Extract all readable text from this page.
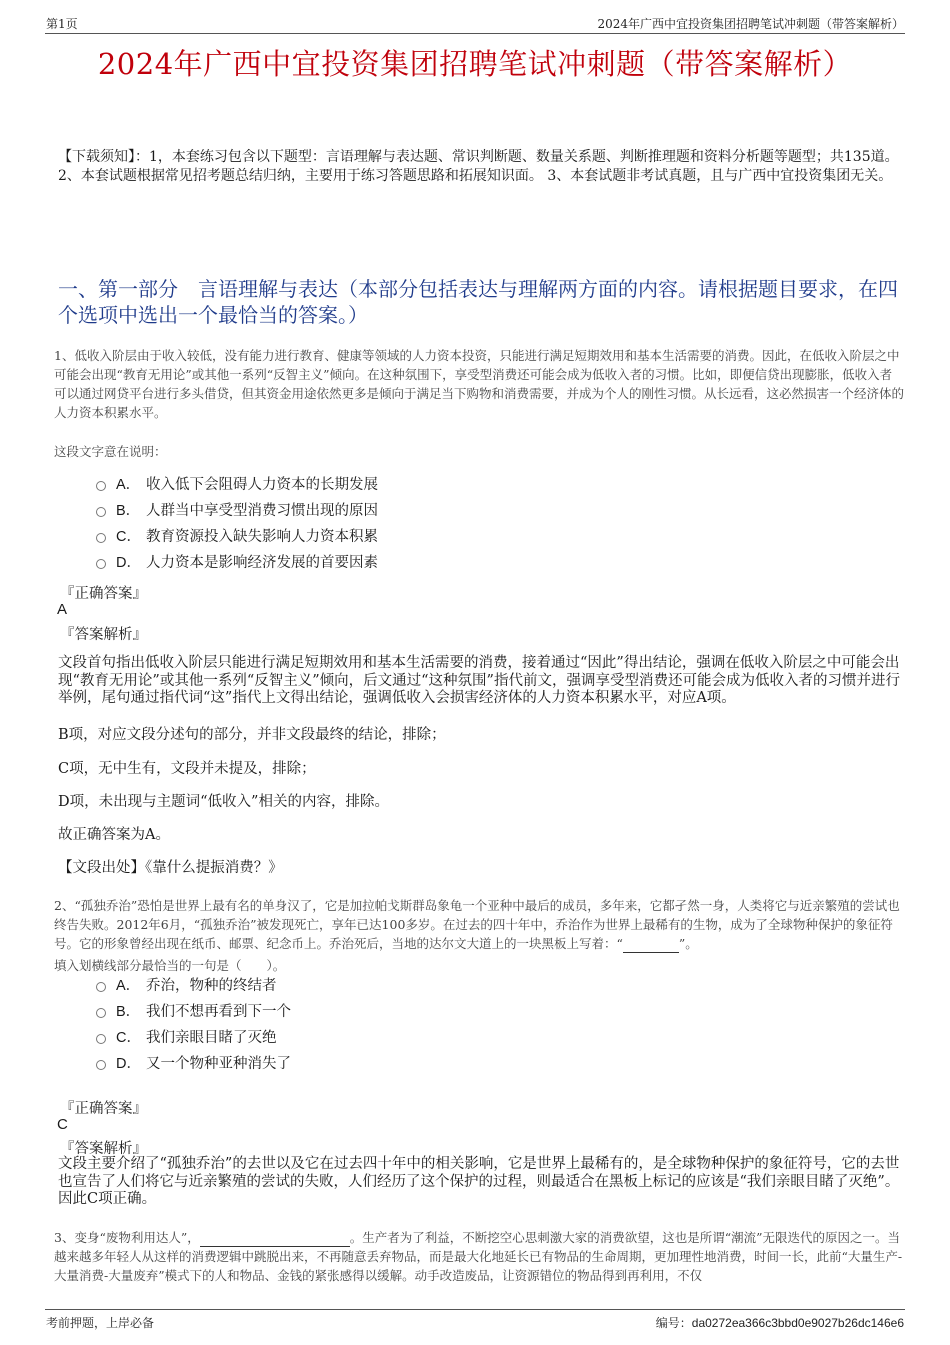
第1页	2024年广西中宜投资集团招聘笔试冲刺题（带答案解析）
2024年广西中宜投资集团招聘笔试冲刺题（带答案解析）
【下载须知】：1，本套练习包含以下题型：言语理解与表达题、常识判断题、数量关系题、判断推理题和资料分析题等题型；共135道。 2、本套试题根据常见招考题总结归纳，主要用于练习答题思路和拓展知识面。 3、本套试题非考试真题，且与广西中宜投资集团无关。
一、第一部分　言语理解与表达（本部分包括表达与理解两方面的内容。请根据题目要求，在四个选项中选出一个最恰当的答案。）
1、低收入阶层由于收入较低，没有能力进行教育、健康等领域的人力资本投资，只能进行满足短期效用和基本生活需要的消费。因此，在低收入阶层之中可能会出现“教育无用论”或其他一系列“反智主义”倾向。在这种氛围下，享受型消费还可能会成为低收入者的习惯。比如，即便信贷出现膨胀，低收入者可以通过网贷平台进行多头借贷，但其资金用途依然更多是倾向于满足当下购物和消费需要，并成为个人的刚性习惯。从长远看，这必然损害一个经济体的人力资本积累水平。
这段文字意在说明：
A． 收入低下会阻碍人力资本的长期发展
B． 人群当中享受型消费习惯出现的原因
C． 教育资源投入缺失影响人力资本积累
D． 人力资本是影响经济发展的首要因素
『正确答案』
A
『答案解析』
文段首句指出低收入阶层只能进行满足短期效用和基本生活需要的消费，接着通过“因此”得出结论，强调在低收入阶层之中可能会出现“教育无用论”或其他一系列“反智主义”倾向，后文通过“这种氛围”指代前文，强调享受型消费还可能会成为低收入者的习惯并进行举例，尾句通过指代词“这”指代上文得出结论，强调低收入会损害经济体的人力资本积累水平，对应A项。
B项，对应文段分述句的部分，并非文段最终的结论，排除；
C项，无中生有，文段并未提及，排除；
D项，未出现与主题词“低收入”相关的内容，排除。
故正确答案为A。
【文段出处】《靠什么提振消费？》
2、“孤独乔治”恐怕是世界上最有名的单身汉了，它是加拉帕戈斯群岛象龟一个亚种中最后的成员，多年来，它都孑然一身，人类将它与近亲繁殖的尝试也终告失败。2012年6月，“孤独乔治”被发现死亡，享年已达100多岁。在过去的四十年中，乔治作为世界上最稀有的生物，成为了全球物种保护的象征符号。它的形象曾经出现在纸币、邮票、纪念币上。乔治死后，当地的达尔文大道上的一块黑板上写着：“	”。
填入划横线部分最恰当的一句是（　　）。
A． 乔治，物种的终结者
B． 我们不想再看到下一个
C． 我们亲眼目睹了灭绝
D． 又一个物种亚种消失了
『正确答案』
C
『答案解析』
文段主要介绍了“孤独乔治”的去世以及它在过去四十年中的相关影响，它是世界上最稀有的，是全球物种保护的象征符号，它的去世也宣告了人们将它与近亲繁殖的尝试的失败，人们经历了这个保护的过程，则最适合在黑板上标记的应该是“我们亲眼目睹了灭绝”。因此C项正确。
3、变身“废物利用达人”，	。生产者为了利益，不断挖空心思刺激大家的消费欲望，这也是所谓“潮流”无限迭代的原因之一。当越来越多年轻人从这样的消费逻辑中跳脱出来，不再随意丢弃物品，而是最大化地延长已有物品的生命周期，更加理性地消费，时间一长，此前“大量生产-大量消费-大量废弃”模式下的人和物品、金钱的紧张感得以缓解。动手改造废品，让资源错位的物品得到再利用，不仅
考前押题，上岸必备	编号：da0272ea366c3bbd0e9027b26dc146e6
